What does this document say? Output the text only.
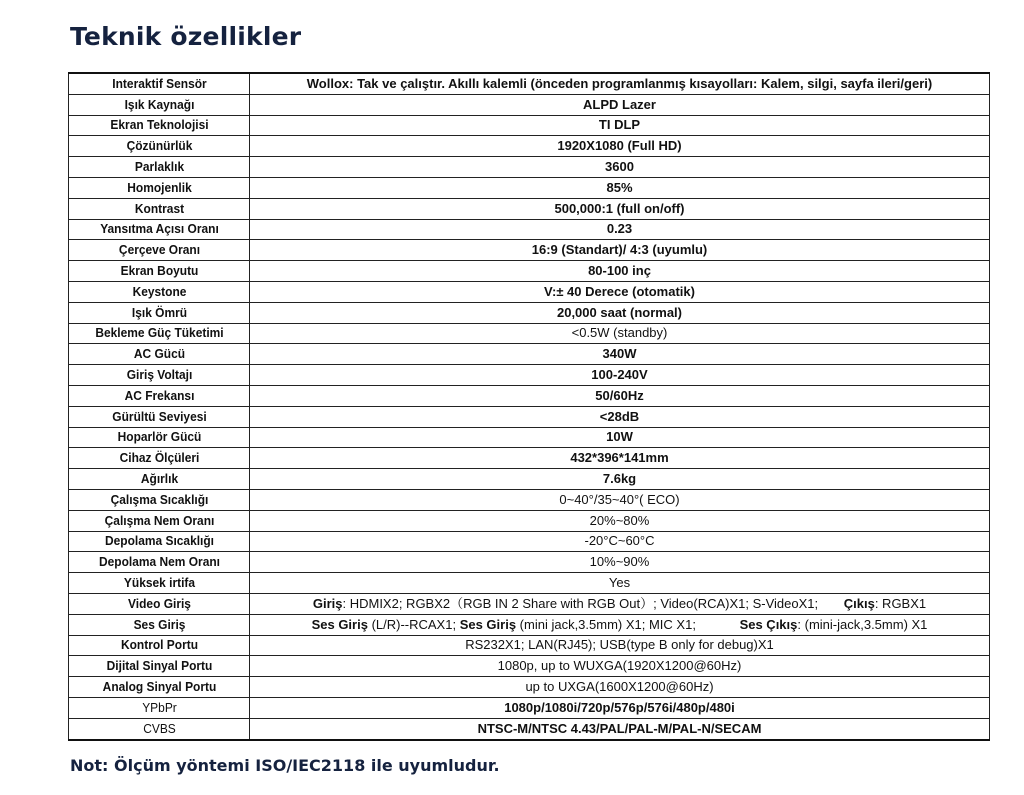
Teknik özellikler
Interaktif Sensör	Wollox: Tak ve çalıştır. Akıllı kalemli (önceden programlanmış kısayolları: Kalem, silgi, sayfa ileri/geri)
Işık Kaynağı	ALPD Lazer
Ekran Teknolojisi	TI DLP
Çözünürlük	1920X1080 (Full HD)
Parlaklık	3600
Homojenlik	85%
Kontrast	500,000:1 (full on/off)
Yansıtma Açısı Oranı	0.23
Çerçeve Oranı	16:9 (Standart)/ 4:3 (uyumlu)
Ekran Boyutu	80-100 inç
Keystone	V:± 40 Derece (otomatik)
Işık Ömrü	20,000 saat (normal)
Bekleme Güç Tüketimi	<0.5W (standby)
AC Gücü	340W
Giriş Voltajı	100-240V
AC Frekansı	50/60Hz
Gürültü Seviyesi	<28dB
Hoparlör Gücü	10W
Cihaz Ölçüleri	432*396*141mm
Ağırlık	7.6kg
Çalışma Sıcaklığı	0~40°/35~40°( ECO)
Çalışma Nem Oranı	20%~80%
Depolama Sıcaklığı	-20°C~60°C
Depolama Nem Oranı	10%~90%
Yüksek irtifa	Yes
Video Giriş	Giriş: HDMIX2; RGBX2（RGB IN 2 Share with RGB Out）; Video(RCA)X1; S-VideoX1; Çıkış: RGBX1
Ses Giriş	Ses Giriş (L/R)--RCAX1; Ses Giriş (mini jack,3.5mm) X1; MIC X1; Ses Çıkış: (mini-jack,3.5mm) X1
Kontrol Portu	RS232X1; LAN(RJ45); USB(type B only for debug)X1
Dijital Sinyal Portu	1080p, up to WUXGA(1920X1200@60Hz)
Analog Sinyal Portu	up to UXGA(1600X1200@60Hz)
YPbPr	1080p/1080i/720p/576p/576i/480p/480i
CVBS	NTSC-M/NTSC 4.43/PAL/PAL-M/PAL-N/SECAM
Not: Ölçüm yöntemi ISO/IEC2118 ile uyumludur.
